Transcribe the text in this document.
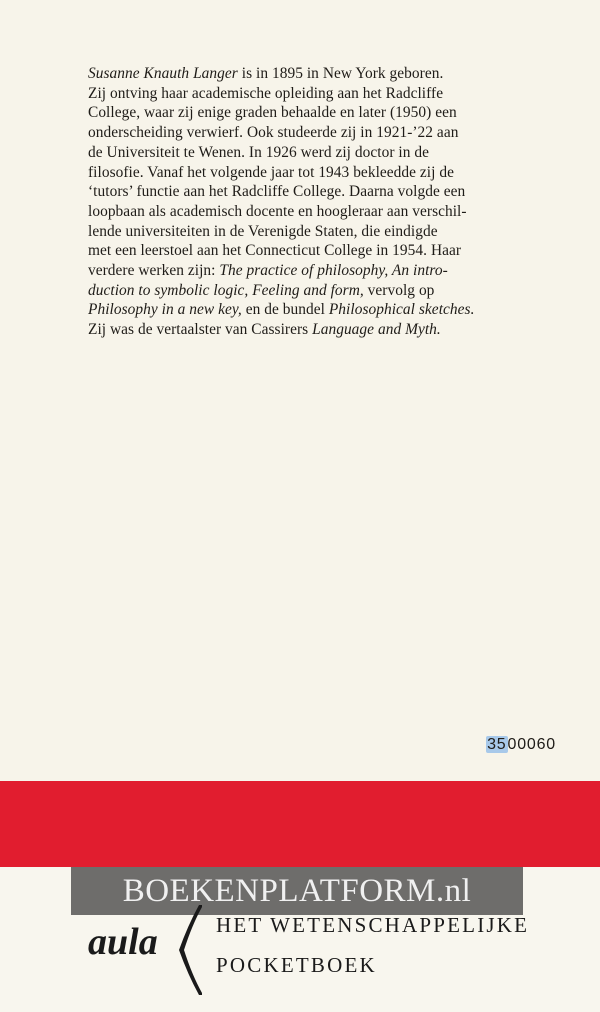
Susanne Knauth Langer is in 1895 in New York geboren.

Zij ontving haar academische opleiding aan het Radcliffe

College, waar zij enige graden behaalde en later (1950) een

onderscheiding verwierf. Ook studeerde zij in 1921-’22 aan

de Universiteit te Wenen. In 1926 werd zij doctor in de

filosofie. Vanaf het volgende jaar tot 1943 bekleedde zij de

‘tutors’ functie aan het Radcliffe College. Daarna volgde een

loopbaan als academisch docente en hoogleraar aan verschil-

lende universiteiten in de Verenigde Staten, die eindigde

met een leerstoel aan het Connecticut College in 1954. Haar

verdere werken zijn: The practice of philosophy, An intro-

duction to symbolic logic, Feeling and form, vervolg op

Philosophy in a new key, en de bundel Philosophical sketches.

Zij was de vertaalster van Cassirers Language and Myth.

3500060
BOEKENPLATFORM.nl
aula	HET WETENSCHAPPELIJKE
POCKETBOEK
